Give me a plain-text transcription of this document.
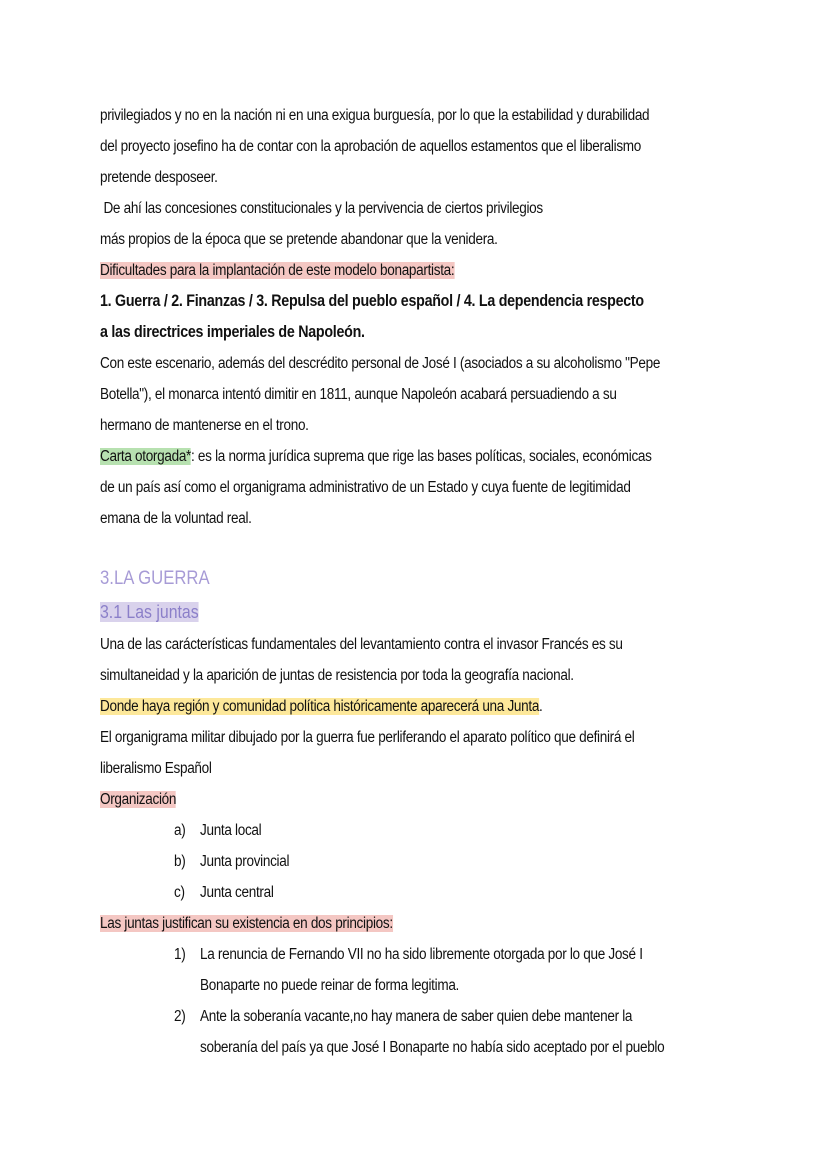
privilegiados y no en la nación ni en una exigua burguesía, por lo que la estabilidad y durabilidad
del proyecto josefino ha de contar con la aprobación de aquellos estamentos que el liberalismo
pretende desposeer.
De ahí las concesiones constitucionales y la pervivencia de ciertos privilegios
más propios de la época que se pretende abandonar que la venidera.
Dificultades para la implantación de este modelo bonapartista:
1. Guerra / 2. Finanzas / 3. Repulsa del pueblo español / 4. La dependencia respecto
a las directrices imperiales de Napoleón.
Con este escenario, además del descrédito personal de José I (asociados a su alcoholismo "Pepe
Botella"), el monarca intentó dimitir en 1811, aunque Napoleón acabará persuadiendo a su
hermano de mantenerse en el trono.
Carta otorgada*: es la norma jurídica suprema que rige las bases políticas, sociales, económicas
de un país así como el organigrama administrativo de un Estado y cuya fuente de legitimidad
emana de la voluntad real.
3.LA GUERRA
3.1 Las juntas
Una de las carácterísticas fundamentales del levantamiento contra el invasor Francés es su
simultaneidad y la aparición de juntas de resistencia por toda la geografía nacional.
Donde haya región y comunidad política históricamente aparecerá una Junta.
El organigrama militar dibujado por la guerra fue perliferando el aparato político que definirá el
liberalismo Español
Organización
a) Junta local
b) Junta provincial
c) Junta central
Las juntas justifican su existencia en dos principios:
1) La renuncia de Fernando VII no ha sido libremente otorgada por lo que José I
Bonaparte no puede reinar de forma legitima.
2) Ante la soberanía vacante,no hay manera de saber quien debe mantener la
soberanía del país ya que José I Bonaparte no había sido aceptado por el pueblo
